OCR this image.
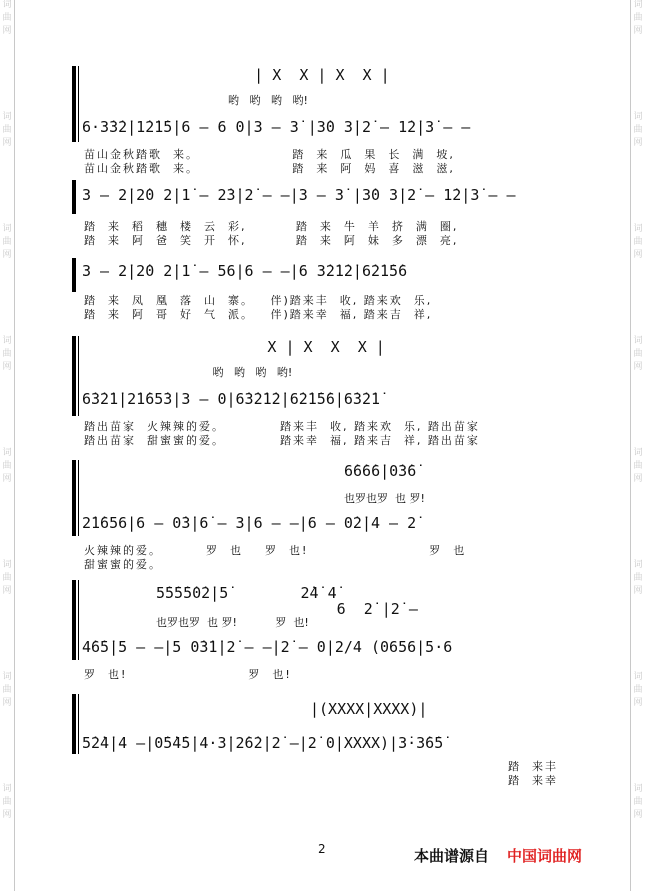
词
曲
网
词
曲
网
词
曲
网
词
曲
网
词
曲
网
词
曲
网
词
曲
网
词
曲
网
词
曲
网
词
曲
网
词
曲
网
词
曲
网
词
曲
网
词
曲
网
词
曲
网
词
曲
网
| X  X | X  X |
哟   哟   哟   哟!
6·3̇3̇2̇|1̇2̇1̇5̇|6 — 6 0|3 — 3̇ |3̇0 3̇|2̇ — 1̇2̇|3̇ — —
苗山金秋踏歌  来。                 踏  来  瓜  果  长  满  坡,
苗山金秋踏歌  来。                 踏  来  阿  妈  喜  滋  滋,
3 — 2̇|2̇0 2̇|1̇ — 2̇3̇|2̇ — —|3 — 3̇ |3̇0 3̇|2̇ — 1̇2̇|3̇ — —
踏  来  稻  穗  楼  云  彩,         踏  来  牛  羊  挤  满  圈,
踏  来  阿  爸  笑  开  怀,         踏  来  阿  妹  多  漂  亮,
3 — 2̇|2̇0 2̇|1̇ — 56|6 — —|6 3̇2̇1̇2̇|6̇2̇1̇5̇6
踏  来  凤  凰  落  山  寨。   伴)踏来丰  收, 踏来欢  乐,
踏  来  阿  哥  好  气  派。   伴)踏来幸  福, 踏来吉  祥,
X | X  X  X |
哟   哟   哟   哟!
6̇3̇2̇1̇|2̇1̇65̇3|3 — 0|6̇3̇2̇1̇2̇|6̇2̇1̇5̇6|6̇3̇2̇1̇
踏出苗家  火辣辣的爱。          踏来丰  收, 踏来欢  乐, 踏出苗家
踏出苗家  甜蜜蜜的爱。          踏来幸  福, 踏来吉  祥, 踏出苗家
6̇6̇6̇6̇|0̇3̇6̇
也罗也罗  也 罗!
2̇1̇656|6 — 0̇3̇|6̇ — 3̇|6 — —|6 — 0̇2̇|4 — 2̇
火辣辣的爱。        罗  也    罗  也!                      罗  也
甜蜜蜜的爱。
5̇5̇5̇5̇0̇2̇|5̇        2̇4̇ 4̇
6  2̇ |2̇ —
也罗也罗  也 罗!           罗  也!
4̇6̇5̇|5 — —|5 0̇3̇1̇|2̇ — —|2̇ — 0|2/4 (0656|5·6
罗  也!                      罗  也!
|(XXXX|XXXX)|
5̇2̇4̇|4 —|0̇5̇4̇5̇|4·3̇|2̇6̇2̇|2̇ —|2̇ 0|XXXX)|3̇·3̇6̇5̇
踏  来丰
踏  来幸
2	本曲谱源自 中国词曲网
